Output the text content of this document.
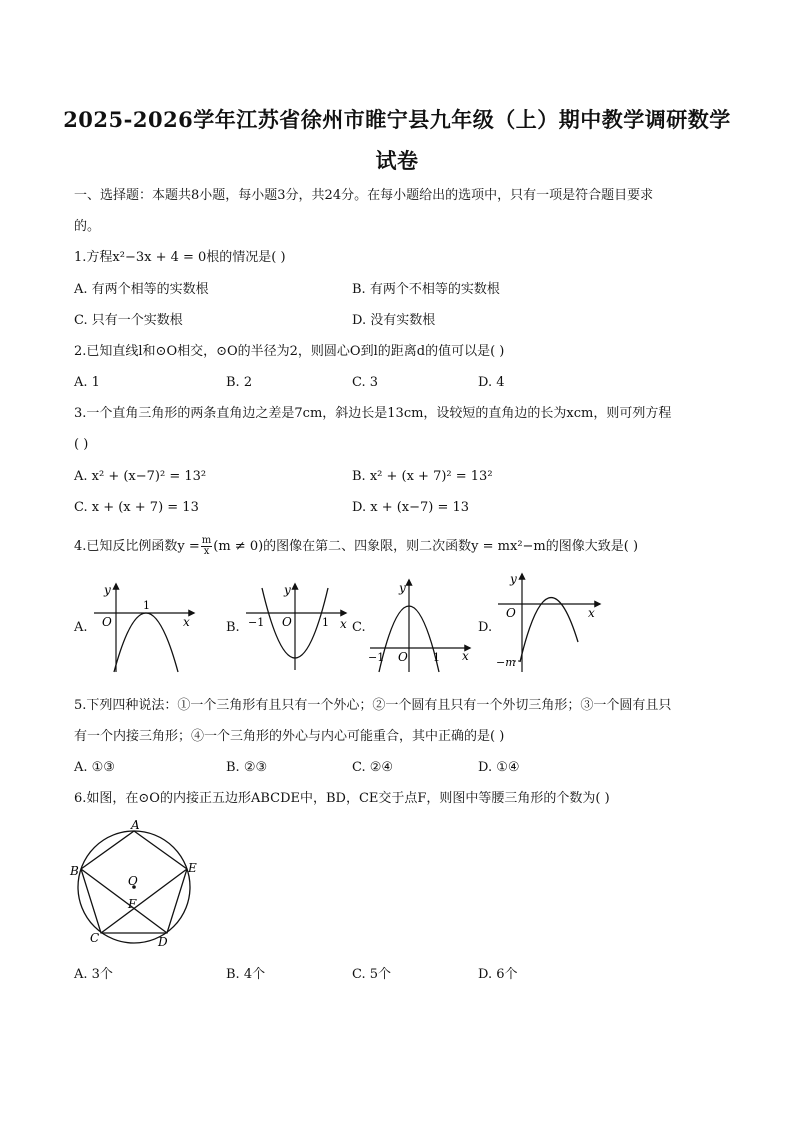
2025-2026学年江苏省徐州市睢宁县九年级（上）期中教学调研数学
试卷
一、选择题：本题共8小题，每小题3分，共24分。在每小题给出的选项中，只有一项是符合题目要求
的。
1.方程x²−3x + 4 = 0根的情况是( )
A. 有两个相等的实数根	B. 有两个不相等的实数根
C. 只有一个实数根	D. 没有实数根
2.已知直线l和⊙O相交，⊙O的半径为2，则圆心O到l的距离d的值可以是( )
A. 1	B. 2	C. 3	D. 4
3.一个直角三角形的两条直角边之差是7cm，斜边长是13cm，设较短的直角边的长为xcm，则可列方程
( )
A. x² + (x−7)² = 13²	B. x² + (x + 7)² = 13²
C. x + (x + 7) = 13	D. x + (x−7) = 13
4.已知反比例函数$y = \frac{m}{x} (m \ne 0)$的图像在第二、四象限，则二次函数y = mx²−m的图像大致是( )
A.
y
O
1
x	B.
y
−1 O	1 x C.
y
−1 O 1 x
D.
y
O	x
−m
5.下列四种说法：①一个三角形有且只有一个外心；②一个圆有且只有一个外切三角形；③一个圆有且只
有一个内接三角形；④一个三角形的外心与内心可能重合，其中正确的是( )
A. ①③	B. ②③	C. ②④	D. ①④
6.如图，在⊙O的内接正五边形ABCDE中，BD，CE交于点F，则图中等腰三角形的个数为( )
A
B	E
C	D
O
F
A. 3个	B. 4个	C. 5个	D. 6个
